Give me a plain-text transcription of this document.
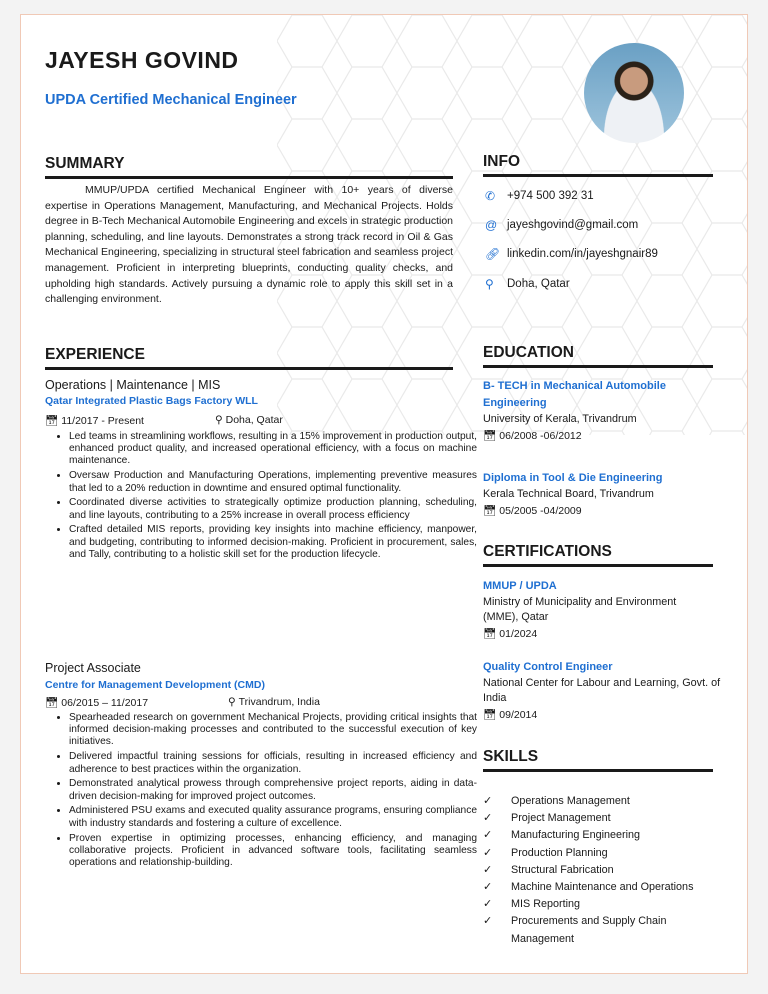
JAYESH GOVIND
UPDA Certified Mechanical Engineer
SUMMARY
MMUP/UPDA certified Mechanical Engineer with 10+ years of diverse expertise in Operations Management, Manufacturing, and Mechanical Projects. Holds degree in B-Tech Mechanical Automobile Engineering and excels in strategic production planning, scheduling, and line layouts. Demonstrates a strong track record in Oil & Gas Mechanical Engineering, specializing in structural steel fabrication and seamless project management. Proficient in interpreting blueprints, conducting quality checks, and upholding high standards. Actively pursuing a dynamic role to apply this skill set in a challenging environment.
INFO
✆	+974 500 392 31
@ jayeshgovind@gmail.com
🔗︎ linkedin.com/in/jayeshgnair89
⚲	Doha, Qatar
EXPERIENCE
Operations | Maintenance | MIS
Qatar Integrated Plastic Bags Factory WLL
📅︎ 11/2017 - Present	⚲ Doha, Qatar
• Led teams in streamlining workflows, resulting in a 15% improvement in production output, enhanced product quality, and increased operational efficiency, with a focus on machine maintenance.
• Oversaw Production and Manufacturing Operations, implementing preventive measures that led to a 20% reduction in downtime and ensured optimal functionality.
• Coordinated diverse activities to strategically optimize production planning, scheduling, and line layouts, contributing to a 25% increase in overall process efficiency
• Crafted detailed MIS reports, providing key insights into machine efficiency, manpower, and budgeting, contributing to informed decision-making. Proficient in procurement, sales, and Tally, contributing to a holistic skill set for the production lifecycle.
Project Associate
Centre for Management Development (CMD)
📅︎ 06/2015 – 11/2017	⚲ Trivandrum, India
• Spearheaded research on government Mechanical Projects, providing critical insights that informed decision-making processes and contributed to the successful execution of key initiatives.
• Delivered impactful training sessions for officials, resulting in increased efficiency and adherence to best practices within the organization.
• Demonstrated analytical prowess through comprehensive project reports, aiding in data-driven decision-making for improved project outcomes.
• Administered PSU exams and executed quality assurance programs, ensuring compliance with industry standards and fostering a culture of excellence.
• Proven expertise in optimizing processes, enhancing efficiency, and managing collaborative projects. Proficient in advanced software tools, facilitating seamless operations and relationship-building.
EDUCATION
B- TECH in Mechanical Automobile Engineering
University of Kerala, Trivandrum
📅︎ 06/2008 -06/2012
Diploma in Tool & Die Engineering
Kerala Technical Board, Trivandrum
📅︎ 05/2005 -04/2009
CERTIFICATIONS
MMUP / UPDA
Ministry of Municipality and Environment (MME), Qatar
📅︎ 01/2024
Quality Control Engineer
National Center for Labour and Learning, Govt. of India
📅︎ 09/2014
SKILLS
✓	Operations Management
✓	Project Management
✓	Manufacturing Engineering
✓	Production Planning
✓	Structural Fabrication
✓	Machine Maintenance and Operations
✓	MIS Reporting
✓	Procurements and Supply Chain Management
